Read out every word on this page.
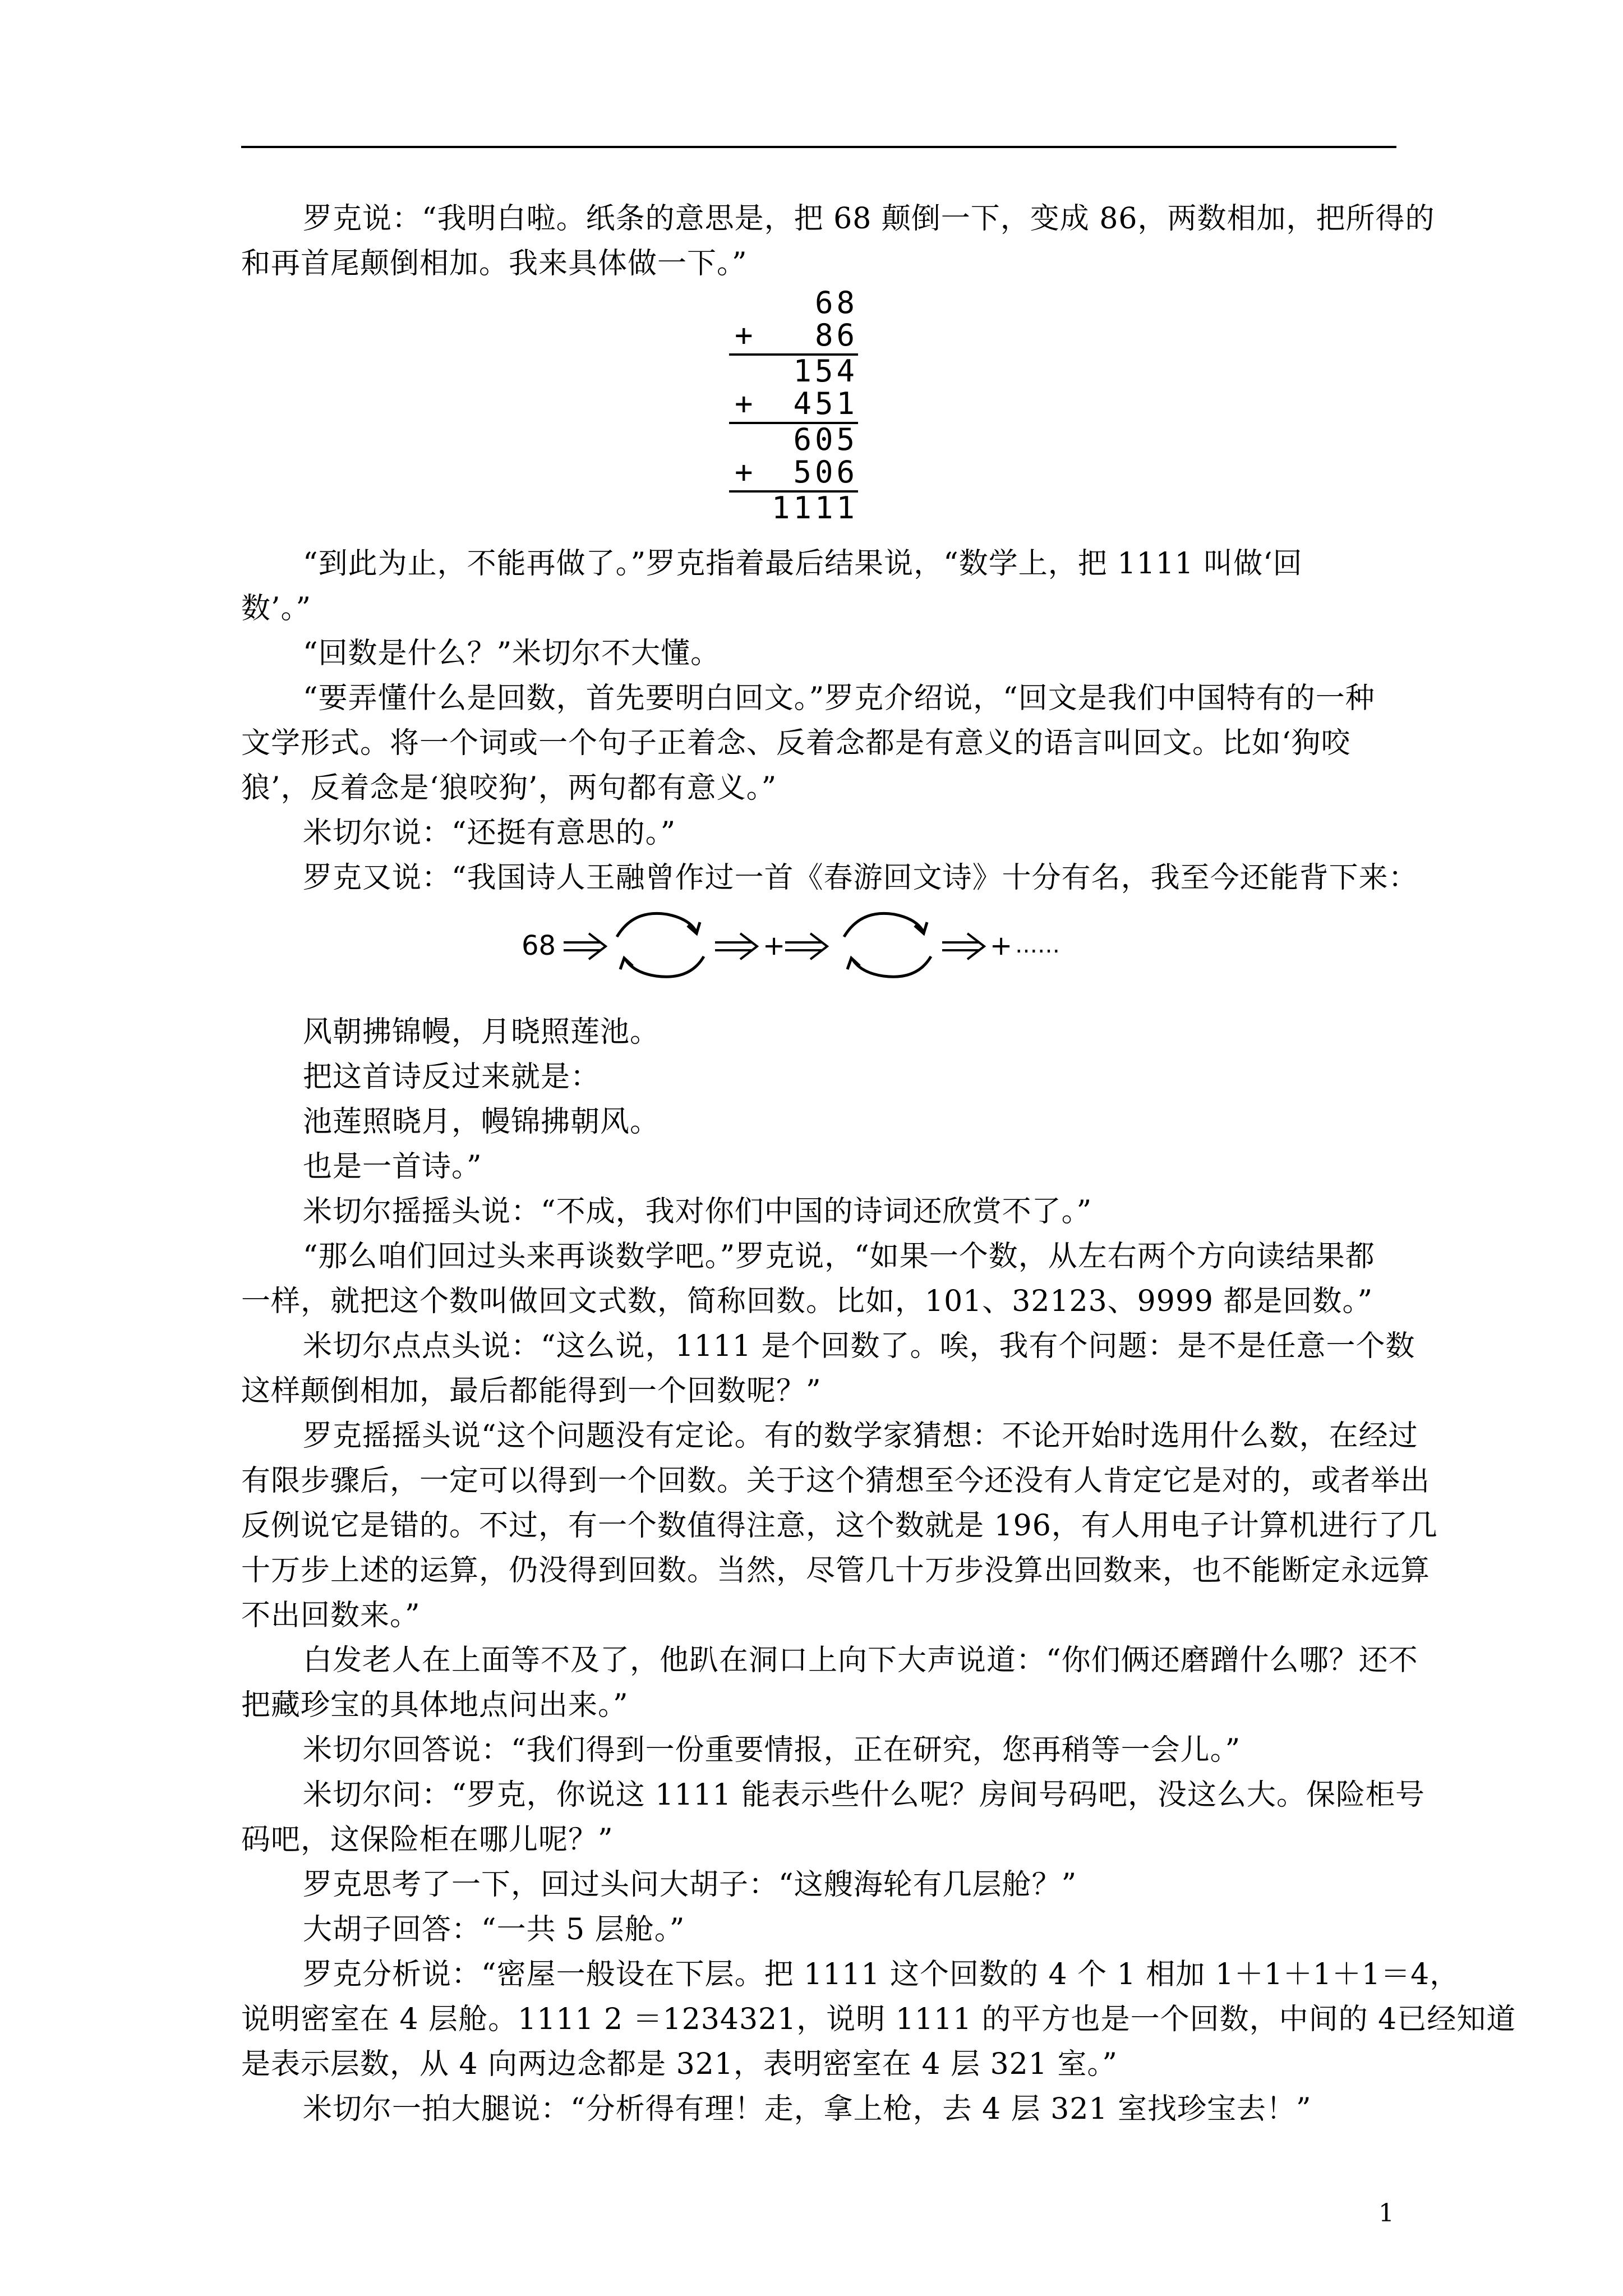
罗克说：“我明白啦。纸条的意思是，把 68 颠倒一下，变成 86，两数相加，把所得的
和再首尾颠倒相加。我来具体做一下。”
68
+ 86
154
+ 451
605
+ 506
1111
“到此为止，不能再做了。”罗克指着最后结果说，“数学上，把 1111 叫做‘回
数’。”
“回数是什么？”米切尔不大懂。
“要弄懂什么是回数，首先要明白回文。”罗克介绍说，“回文是我们中国特有的一种
文学形式。将一个词或一个句子正着念、反着念都是有意义的语言叫回文。比如‘狗咬
狼’，反着念是‘狼咬狗’，两句都有意义。”
米切尔说：“还挺有意思的。”
罗克又说：“我国诗人王融曾作过一首《春游回文诗》十分有名，我至今还能背下来：
68	+	+ ……
风朝拂锦幔，月晓照莲池。
把这首诗反过来就是：
池莲照晓月，幔锦拂朝风。
也是一首诗。”
米切尔摇摇头说：“不成，我对你们中国的诗词还欣赏不了。”
“那么咱们回过头来再谈数学吧。”罗克说，“如果一个数，从左右两个方向读结果都
一样，就把这个数叫做回文式数，简称回数。比如，101、32123、9999 都是回数。”
米切尔点点头说：“这么说，1111 是个回数了。唉，我有个问题：是不是任意一个数
这样颠倒相加，最后都能得到一个回数呢？”
罗克摇摇头说“这个问题没有定论。有的数学家猜想：不论开始时选用什么数，在经过
有限步骤后，一定可以得到一个回数。关于这个猜想至今还没有人肯定它是对的，或者举出
反例说它是错的。不过，有一个数值得注意，这个数就是 196，有人用电子计算机进行了几
十万步上述的运算，仍没得到回数。当然，尽管几十万步没算出回数来，也不能断定永远算
不出回数来。”
白发老人在上面等不及了，他趴在洞口上向下大声说道：“你们俩还磨蹭什么哪？还不
把藏珍宝的具体地点问出来。”
米切尔回答说：“我们得到一份重要情报，正在研究，您再稍等一会儿。”
米切尔问：“罗克，你说这 1111 能表示些什么呢？房间号码吧，没这么大。保险柜号
码吧，这保险柜在哪儿呢？”
罗克思考了一下，回过头问大胡子：“这艘海轮有几层舱？”
大胡子回答：“一共 5 层舱。”
罗克分析说：“密屋一般设在下层。把 1111 这个回数的 4 个 1 相加 1＋1＋1＋1＝4，
说明密室在 4 层舱。1111 2 ＝1234321，说明 1111 的平方也是一个回数，中间的 4已经知道
是表示层数，从 4 向两边念都是 321，表明密室在 4 层 321 室。”
米切尔一拍大腿说：“分析得有理！走，拿上枪，去 4 层 321 室找珍宝去！”
1
